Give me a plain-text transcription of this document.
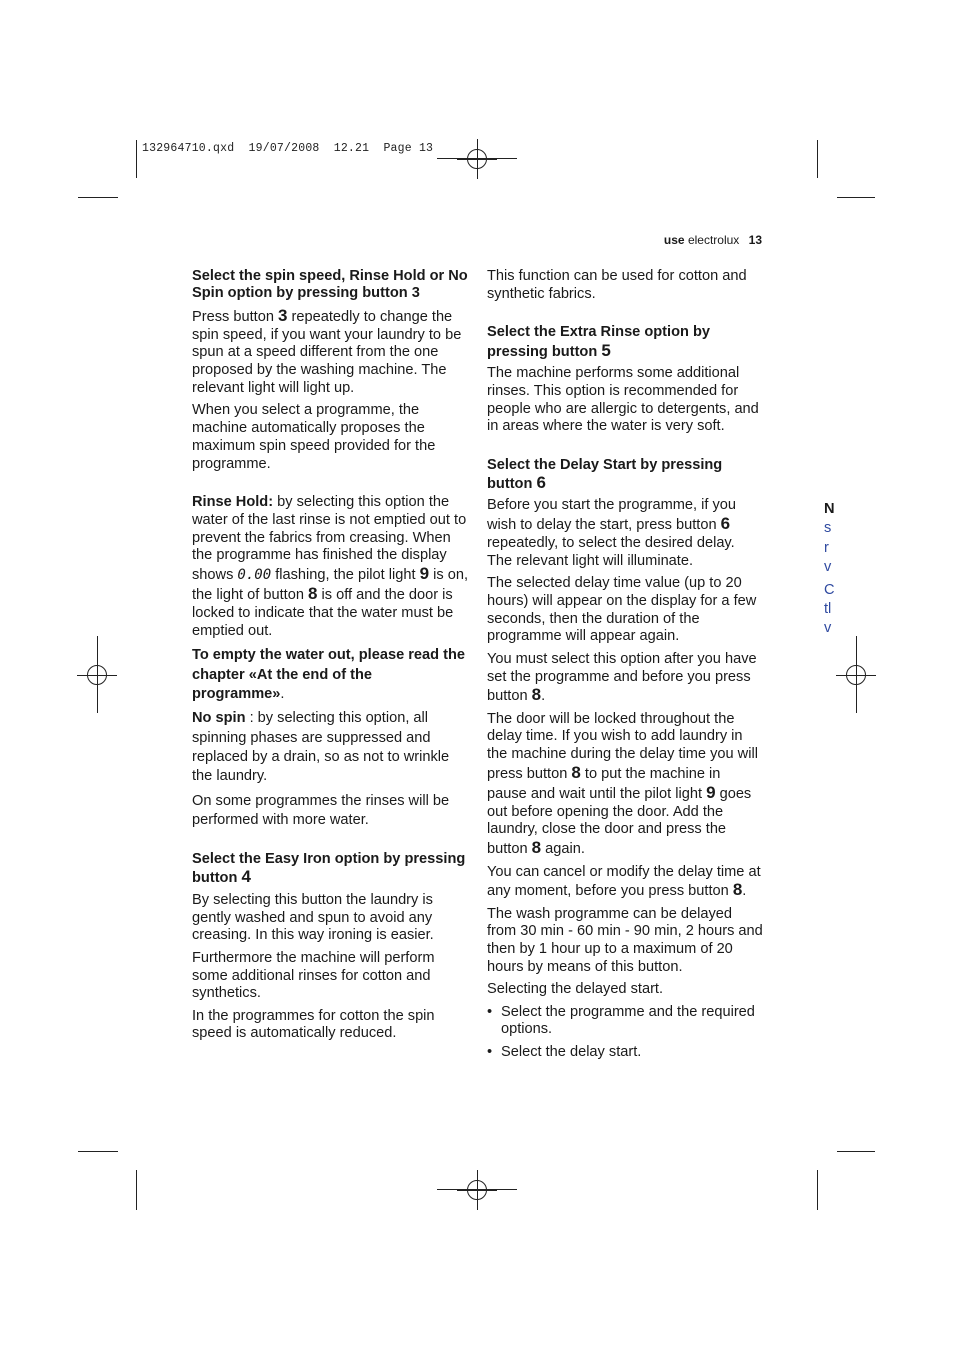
132964710.qxd  19/07/2008  12.21  Page 13
use electrolux 13
Select the spin speed, Rinse Hold or No Spin option by pressing button 3

Press button 3 repeatedly to change the spin speed, if you want your laundry to be spun at a speed different from the one proposed by the washing machine. The relevant light will light up.

When you select a programme, the machine automatically proposes the maximum spin speed provided for the programme.

Rinse Hold: by selecting this option the water of the last rinse is not emptied out to prevent the fabrics from creasing. When the programme has finished the display shows 0.00 flashing, the pilot light 9 is on, the light of button 8 is off and the door is locked to indicate that the water must be emptied out.

To empty the water out, please read the chapter «At the end of the programme».

No spin : by selecting this option, all spinning phases are suppressed and replaced by a drain, so as not to wrinkle the laundry.

On some programmes the rinses will be performed with more water.

Select the Easy Iron option by pressing button 4

By selecting this button the laundry is gently washed and spun to avoid any creasing. In this way ironing is easier.

Furthermore the machine will perform some additional rinses for cotton and synthetics.

In the programmes for cotton the spin speed is automatically reduced.

This function can be used for cotton and synthetic fabrics.

Select the Extra Rinse option by pressing button 5

The machine performs some additional rinses. This option is recommended for people who are allergic to detergents, and in areas where the water is very soft.

Select the Delay Start by pressing button 6

Before you start the programme, if you wish to delay the start, press button 6 repeatedly, to select the desired delay. The relevant light will illuminate.

The selected delay time value (up to 20 hours) will appear on the display for a few seconds, then the duration of the programme will appear again.

You must select this option after you have set the programme and before you press button 8.

The door will be locked throughout the delay time. If you wish to add laundry in the machine during the delay time you will press button 8 to put the machine in pause and wait until the pilot light 9 goes out before opening the door. Add the laundry, close the door and press the button 8 again.

You can cancel or modify the delay time at any moment, before you press button 8.

The wash programme can be delayed from 30 min - 60 min - 90 min, 2 hours and then by 1 hour up to a maximum of 20 hours by means of this button.

Selecting the delayed start.

• Select the programme and the required options.
• Select the delay start.
N
s
r
v
C
tl
v
